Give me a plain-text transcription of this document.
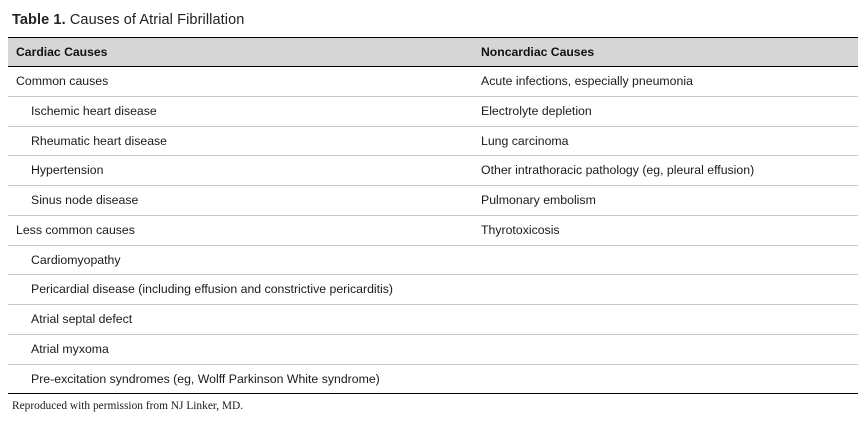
Table 1. Causes of Atrial Fibrillation
Cardiac Causes	Noncardiac Causes
Common causes	Acute infections, especially pneumonia
Ischemic heart disease	Electrolyte depletion
Rheumatic heart disease	Lung carcinoma
Hypertension	Other intrathoracic pathology (eg, pleural effusion)
Sinus node disease	Pulmonary embolism
Less common causes	Thyrotoxicosis
Cardiomyopathy	
Pericardial disease (including effusion and constrictive pericarditis)	
Atrial septal defect	
Atrial myxoma	
Pre-excitation syndromes (eg, Wolff Parkinson White syndrome)	
Reproduced with permission from NJ Linker, MD.
